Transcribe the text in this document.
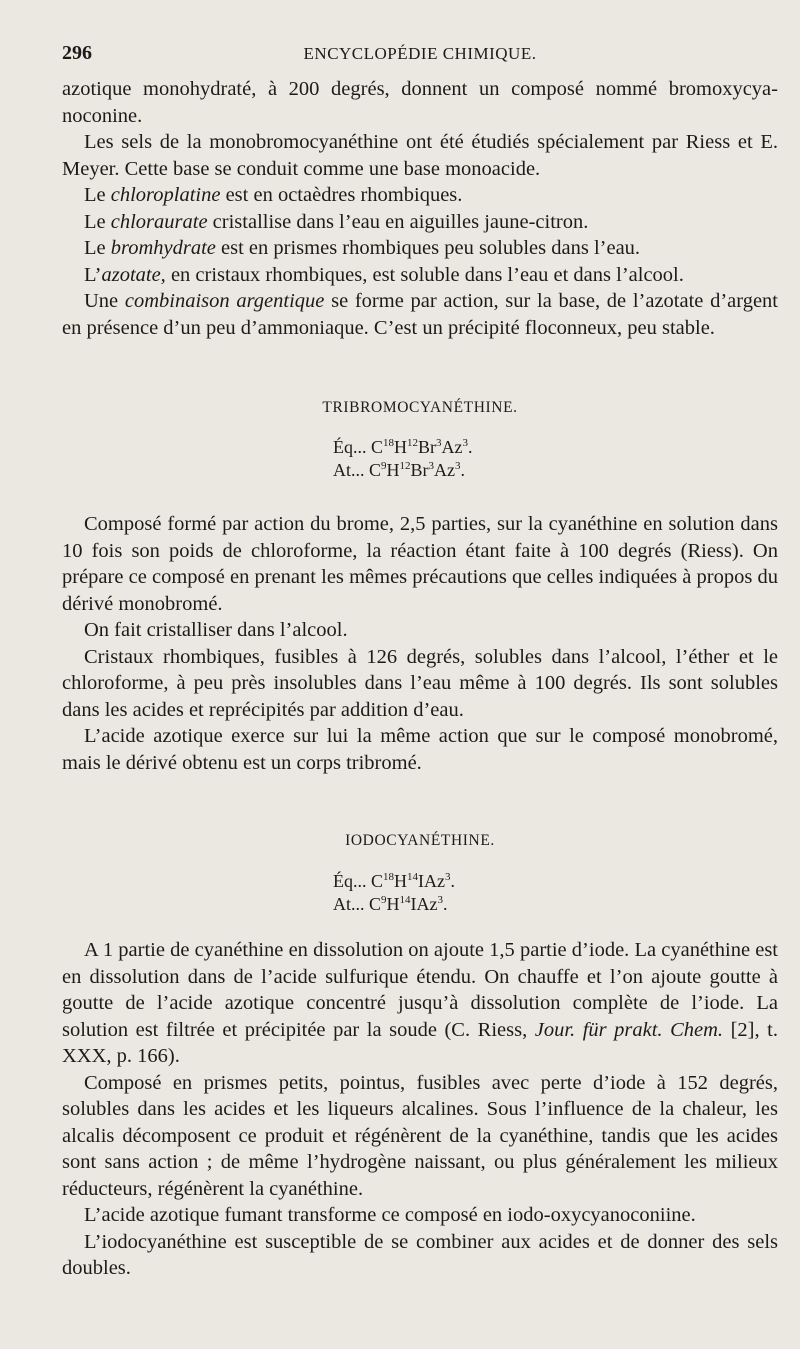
296	ENCYCLOPÉDIE CHIMIQUE.

azotique monohydraté, à 200 degrés, donnent un composé nommé bromoxycyanoconine.

Les sels de la monobromocyanéthine ont été étudiés spécialement par Riess et E. Meyer. Cette base se conduit comme une base monoacide.

Le chloroplatine est en octaèdres rhombiques.

Le chloraurate cristallise dans l’eau en aiguilles jaune-citron.

Le bromhydrate est en prismes rhombiques peu solubles dans l’eau.

L’azotate, en cristaux rhombiques, est soluble dans l’eau et dans l’alcool.

Une combinaison argentique se forme par action, sur la base, de l’azotate d’argent en présence d’un peu d’ammoniaque. C’est un précipité floconneux, peu stable.

TRIBROMOCYANÉTHINE.
Éq... $C^{18}H^{12}Br^3Az^3$.
At... $C^9H^{12}Br^3Az^3$.

Composé formé par action du brome, 2,5 parties, sur la cyanéthine en solution dans 10 fois son poids de chloroforme, la réaction étant faite à 100 degrés (Riess). On prépare ce composé en prenant les mêmes précautions que celles indiquées à propos du dérivé monobromé.

On fait cristalliser dans l’alcool.

Cristaux rhombiques, fusibles à 126 degrés, solubles dans l’alcool, l’éther et le chloroforme, à peu près insolubles dans l’eau même à 100 degrés. Ils sont solubles dans les acides et reprécipités par addition d’eau.

L’acide azotique exerce sur lui la même action que sur le composé monobromé, mais le dérivé obtenu est un corps tribromé.

IODOCYANÉTHINE.
Éq... $C^{18}H^{14}IAz^3$.
At... $C^9H^{14}IAz^3$.

A 1 partie de cyanéthine en dissolution on ajoute 1,5 partie d’iode. La cyanéthine est en dissolution dans de l’acide sulfurique étendu. On chauffe et l’on ajoute goutte à goutte de l’acide azotique concentré jusqu’à dissolution complète de l’iode. La solution est filtrée et précipitée par la soude (C. Riess, Jour. für prakt. Chem. [2], t. XXX, p. 166).

Composé en prismes petits, pointus, fusibles avec perte d’iode à 152 degrés, solubles dans les acides et les liqueurs alcalines. Sous l’influence de la chaleur, les alcalis décomposent ce produit et régénèrent de la cyanéthine, tandis que les acides sont sans action ; de même l’hydrogène naissant, ou plus généralement les milieux réducteurs, régénèrent la cyanéthine.

L’acide azotique fumant transforme ce composé en iodo-oxycyanoconiine.

L’iodocyanéthine est susceptible de se combiner aux acides et de donner des sels doubles.
